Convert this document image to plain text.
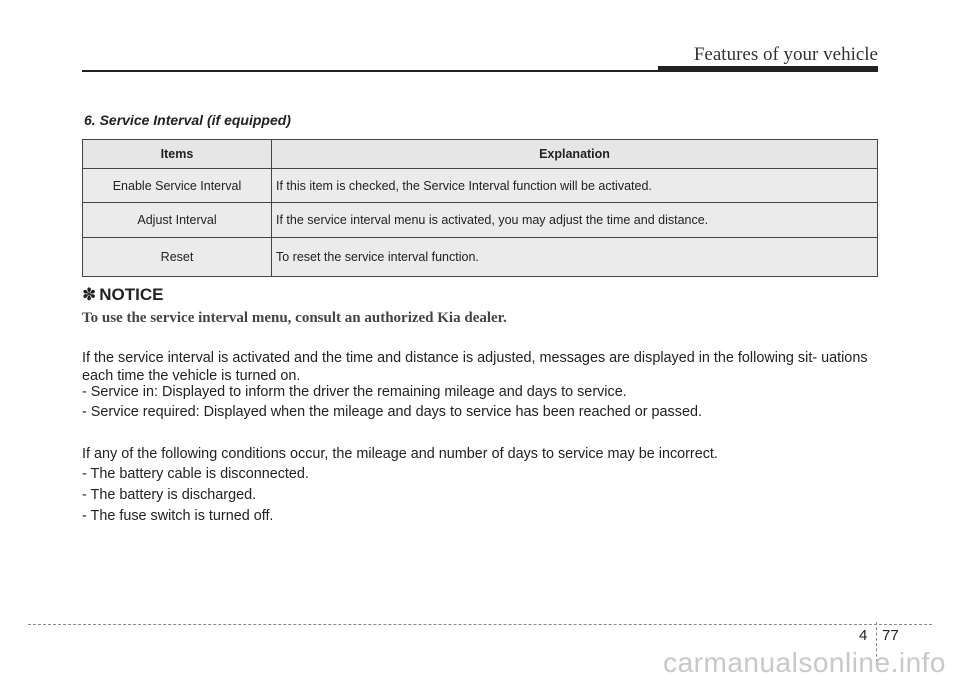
Features of your vehicle
6. Service Interval (if equipped)
Items	Explanation
Enable Service Interval	If this item is checked, the Service Interval function will be activated.
Adjust Interval	If the service interval menu is activated, you may adjust the time and distance.
Reset	To reset the service interval function.
✽ NOTICE
To use the service interval menu, consult an authorized Kia dealer.

If the service interval is activated and the time and distance is adjusted, messages are displayed in the following sit- uations each time the vehicle is turned on.

- Service in: Displayed to inform the driver the remaining mileage and days to service.

- Service required: Displayed when the mileage and days to service has been reached or passed.

If any of the following conditions occur, the mileage and number of days to service may be incorrect.

- The battery cable is disconnected.

- The battery is discharged.

- The fuse switch is turned off.

4 77
carmanualsonline.info
